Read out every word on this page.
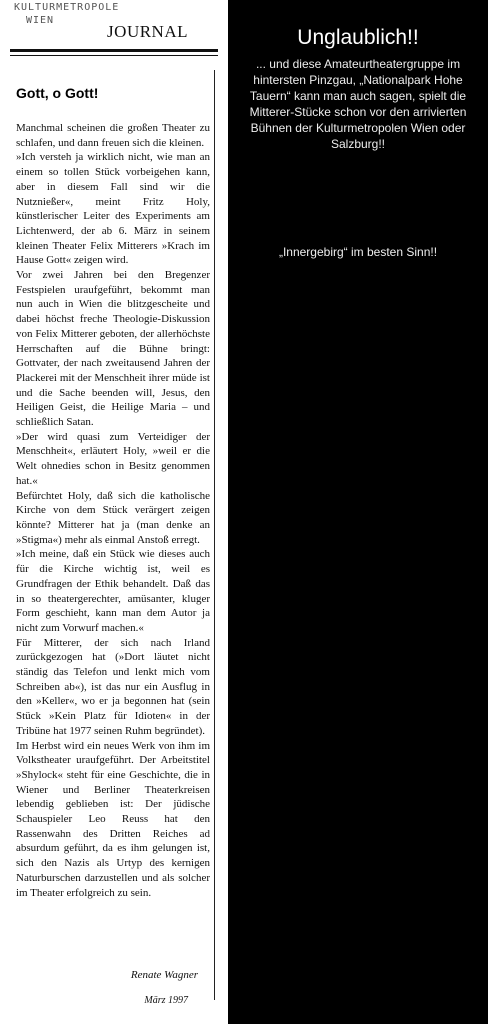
KULTURMETROPOLE
WIEN
JOURNAL
Gott, o Gott!

Manchmal scheinen die großen Theater zu schlafen, und dann freuen sich die kleinen.

»Ich versteh ja wirklich nicht, wie man an einem so tollen Stück vorbeigehen kann, aber in diesem Fall sind wir die Nutznießer«, meint Fritz Holy, künstlerischer Leiter des Experiments am Lichtenwerd, der ab 6. März in seinem kleinen Theater Felix Mitterers »Krach im Hause Gott« zeigen wird.

Vor zwei Jahren bei den Bregenzer Festspielen uraufgeführt, bekommt man nun auch in Wien die blitzgescheite und dabei höchst freche Theologie-Diskussion von Felix Mitterer geboten, der allerhöchste Herrschaften auf die Bühne bringt: Gottvater, der nach zweitausend Jahren der Plackerei mit der Menschheit ihrer müde ist und die Sache beenden will, Jesus, den Heiligen Geist, die Heilige Maria – und schließlich Satan.

»Der wird quasi zum Verteidiger der Menschheit«, erläutert Holy, »weil er die Welt ohnedies schon in Besitz genommen hat.«

Befürchtet Holy, daß sich die katholische Kirche von dem Stück verärgert zeigen könnte? Mitterer hat ja (man denke an »Stigma«) mehr als einmal Anstoß erregt.

»Ich meine, daß ein Stück wie dieses auch für die Kirche wichtig ist, weil es Grundfragen der Ethik behandelt. Daß das in so theatergerechter, amüsanter, kluger Form geschieht, kann man dem Autor ja nicht zum Vorwurf machen.«

Für Mitterer, der sich nach Irland zurückgezogen hat (»Dort läutet nicht ständig das Telefon und lenkt mich vom Schreiben ab«), ist das nur ein Ausflug in den »Keller«, wo er ja begonnen hat (sein Stück »Kein Platz für Idioten« in der Tribüne hat 1977 seinen Ruhm begründet).

Im Herbst wird ein neues Werk von ihm im Volkstheater uraufgeführt. Der Arbeitstitel »Shylock« steht für eine Geschichte, die in Wiener und Berliner Theaterkreisen lebendig geblieben ist: Der jüdische Schauspieler Leo Reuss hat den Rassenwahn des Dritten Reiches ad absurdum geführt, da es ihm gelungen ist, sich den Nazis als Urtyp des kernigen Naturburschen darzustellen und als solcher im Theater erfolgreich zu sein.

Renate Wagner
März 1997
Unglaublich!!
... und diese Amateurtheatergruppe im hintersten Pinzgau, „Nationalpark Hohe Tauern“ kann man auch sagen, spielt die Mitterer-Stücke schon vor den arrivierten Bühnen der Kulturmetropolen Wien oder Salzburg!!
„Innergebirg“ im besten Sinn!!
